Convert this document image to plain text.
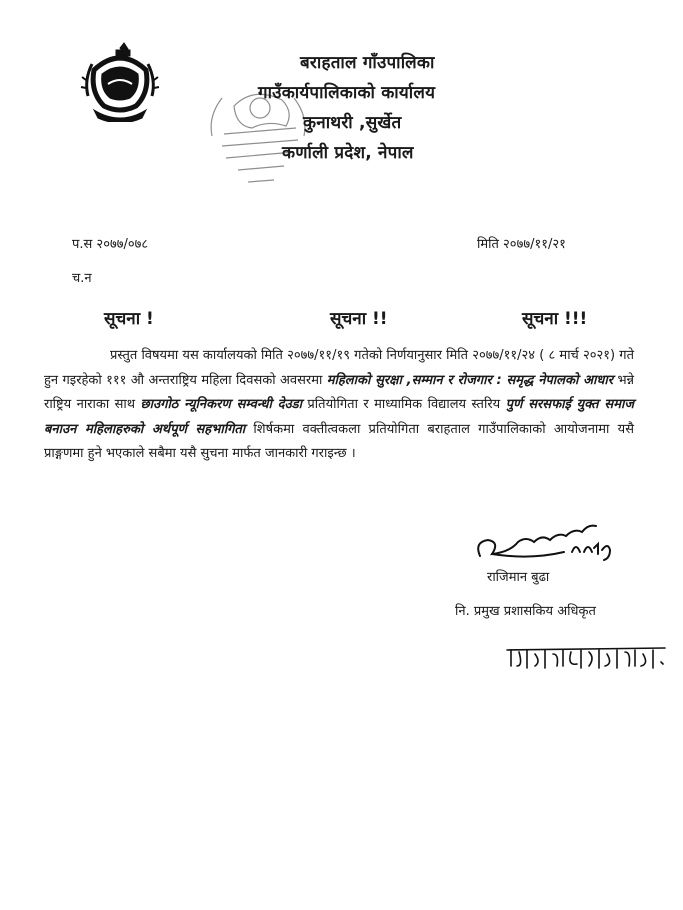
बराहताल गाँउपालिका
गाउँकार्यपालिकाको कार्यालय
कुनाथरी ,सुर्खेत
कर्णाली प्रदेश, नेपाल
प.स २०७७/०७८	मिति २०७७/११/२१
च.न
सूचना !	सूचना !!	सूचना !!!
प्रस्तुत विषयमा यस कार्यालयको मिति २०७७/११/१९ गतेको निर्णयानुसार मिति २०७७/११/२४ ( ८ मार्च २०२१) गते हुन गइरहेको १११ औ अन्तराष्ट्रिय महिला दिवसको अवसरमा महिलाको सुरक्षा ,सम्मान र रोजगार : समृद्ध नेपालको आधार भन्ने राष्ट्रिय नाराका साथ छाउगोठ न्यूनिकरण सम्वन्धी देउडा प्रतियोगिता र माध्यामिक विद्यालय स्तरिय पुर्ण सरसफाई युक्त समाज बनाउन महिलाहरुको अर्थपूर्ण सहभागिता शिर्षकमा वक्तीत्वकला प्रतियोगिता बराहताल गाउँपालिकाको आयोजनामा यसै प्राङ्गणमा हुने भएकाले सबैमा यसै सुचना मार्फत जानकारी गराइन्छ ।
राजिमान बुढा
नि. प्रमुख प्रशासकिय अधिकृत
